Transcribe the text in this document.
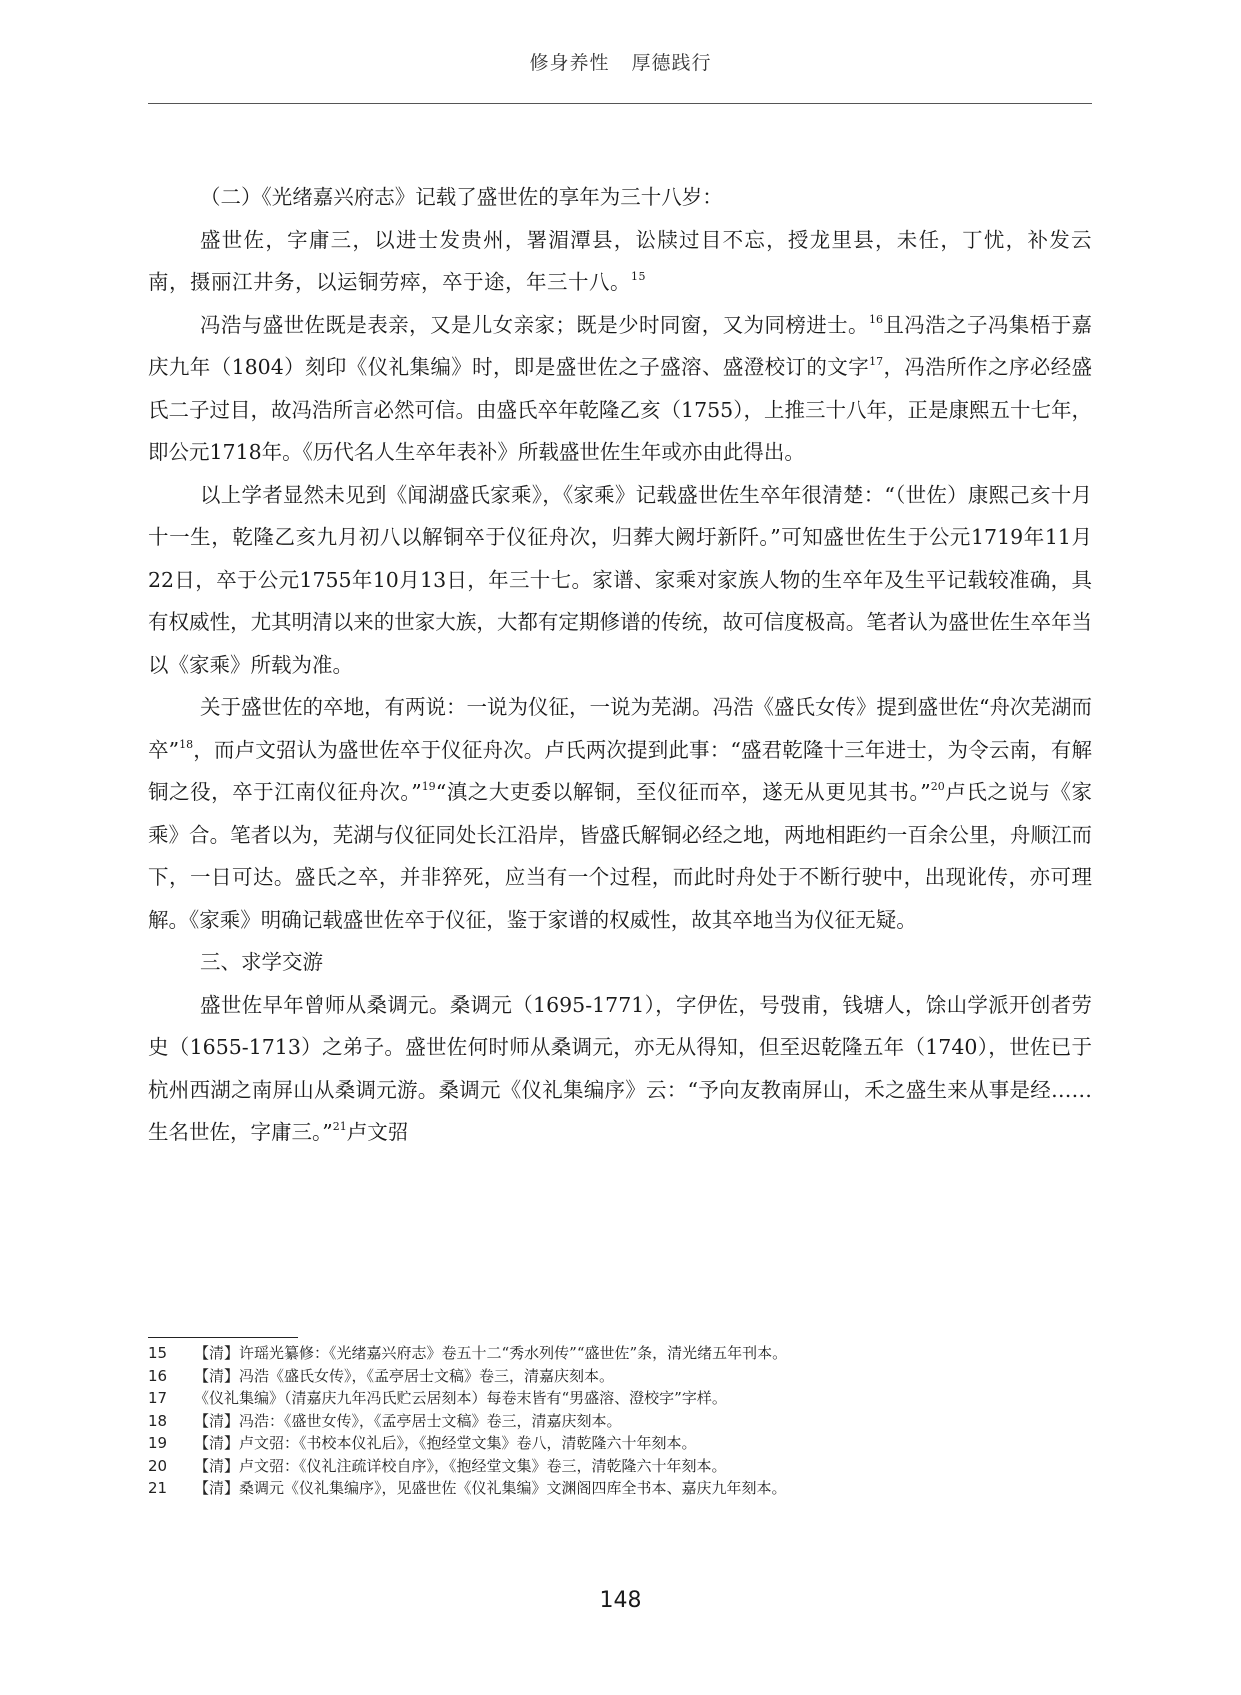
修身养性 厚德践行

（二）《光绪嘉兴府志》记载了盛世佐的享年为三十八岁：

盛世佐，字庸三，以进士发贵州，署湄潭县，讼牍过目不忘，授龙里县，未任，丁忧，补发云南，摄丽江井务，以运铜劳瘁，卒于途，年三十八。$^{15}$

冯浩与盛世佐既是表亲，又是儿女亲家；既是少时同窗，又为同榜进士。$^{16}$且冯浩之子冯集梧于嘉庆九年（1804）刻印《仪礼集编》时，即是盛世佐之子盛溶、盛澄校订的文字$^{17}$，冯浩所作之序必经盛氏二子过目，故冯浩所言必然可信。由盛氏卒年乾隆乙亥（1755），上推三十八年，正是康熙五十七年，即公元1718年。《历代名人生卒年表补》所载盛世佐生年或亦由此得出。

以上学者显然未见到《闻湖盛氏家乘》，《家乘》记载盛世佐生卒年很清楚：“（世佐）康熙己亥十月十一生，乾隆乙亥九月初八以解铜卒于仪征舟次，归葬大阙圩新阡。”可知盛世佐生于公元1719年11月22日，卒于公元1755年10月13日，年三十七。家谱、家乘对家族人物的生卒年及生平记载较准确，具有权威性，尤其明清以来的世家大族，大都有定期修谱的传统，故可信度极高。笔者认为盛世佐生卒年当以《家乘》所载为准。

关于盛世佐的卒地，有两说：一说为仪征，一说为芜湖。冯浩《盛氏女传》提到盛世佐“舟次芜湖而卒”$^{18}$，而卢文弨认为盛世佐卒于仪征舟次。卢氏两次提到此事：“盛君乾隆十三年进士，为令云南，有解铜之役，卒于江南仪征舟次。”$^{19}$“滇之大吏委以解铜，至仪征而卒，遂无从更见其书。”$^{20}$卢氏之说与《家乘》合。笔者以为，芜湖与仪征同处长江沿岸，皆盛氏解铜必经之地，两地相距约一百余公里，舟顺江而下，一日可达。盛氏之卒，并非猝死，应当有一个过程，而此时舟处于不断行驶中，出现讹传，亦可理解。《家乘》明确记载盛世佐卒于仪征，鉴于家谱的权威性，故其卒地当为仪征无疑。

三、求学交游

盛世佐早年曾师从桑调元。桑调元（1695-1771），字伊佐，号弢甫，钱塘人，馀山学派开创者劳史（1655-1713）之弟子。盛世佐何时师从桑调元，亦无从得知，但至迟乾隆五年（1740），世佐已于杭州西湖之南屏山从桑调元游。桑调元《仪礼集编序》云：“予向友教南屏山，禾之盛生来从事是经……生名世佐，字庸三。”$^{21}$卢文弨

15	【清】许瑶光纂修：《光绪嘉兴府志》卷五十二“秀水列传”“盛世佐”条，清光绪五年刊本。
16	【清】冯浩《盛氏女传》，《孟亭居士文稿》卷三，清嘉庆刻本。
17	《仪礼集编》（清嘉庆九年冯氏贮云居刻本）每卷末皆有“男盛溶、澄校字”字样。
18	【清】冯浩：《盛世女传》，《孟亭居士文稿》卷三，清嘉庆刻本。
19	【清】卢文弨：《书校本仪礼后》，《抱经堂文集》卷八，清乾隆六十年刻本。
20	【清】卢文弨：《仪礼注疏详校自序》，《抱经堂文集》卷三，清乾隆六十年刻本。
21	【清】桑调元《仪礼集编序》，见盛世佐《仪礼集编》文渊阁四库全书本、嘉庆九年刻本。
148
